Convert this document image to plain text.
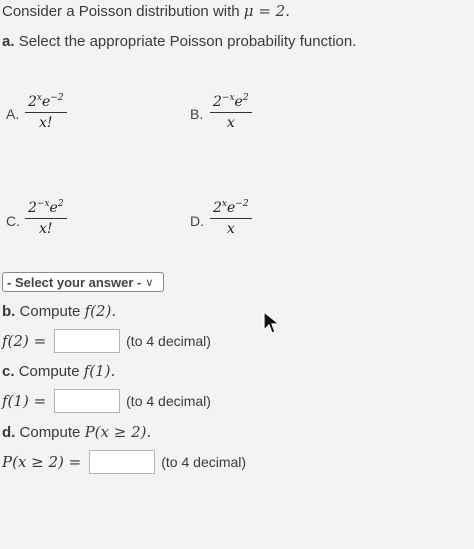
Consider a Poisson distribution with μ = 2.
a. Select the appropriate Poisson probability function.
A. $\frac{2^xe^{-2}}{x!}$	B. $\frac{2^{-x}e^2}{x}$
C. $\frac{2^{-x}e^2}{x!}$	D. $\frac{2^xe^{-2}}{x}$
- Select your answer - ∨
b. Compute f(2).
f(2) =	(to 4 decimal)
c. Compute f(1).
f(1) =	(to 4 decimal)
d. Compute P(x ≥ 2).
P(x ≥ 2) =	(to 4 decimal)
